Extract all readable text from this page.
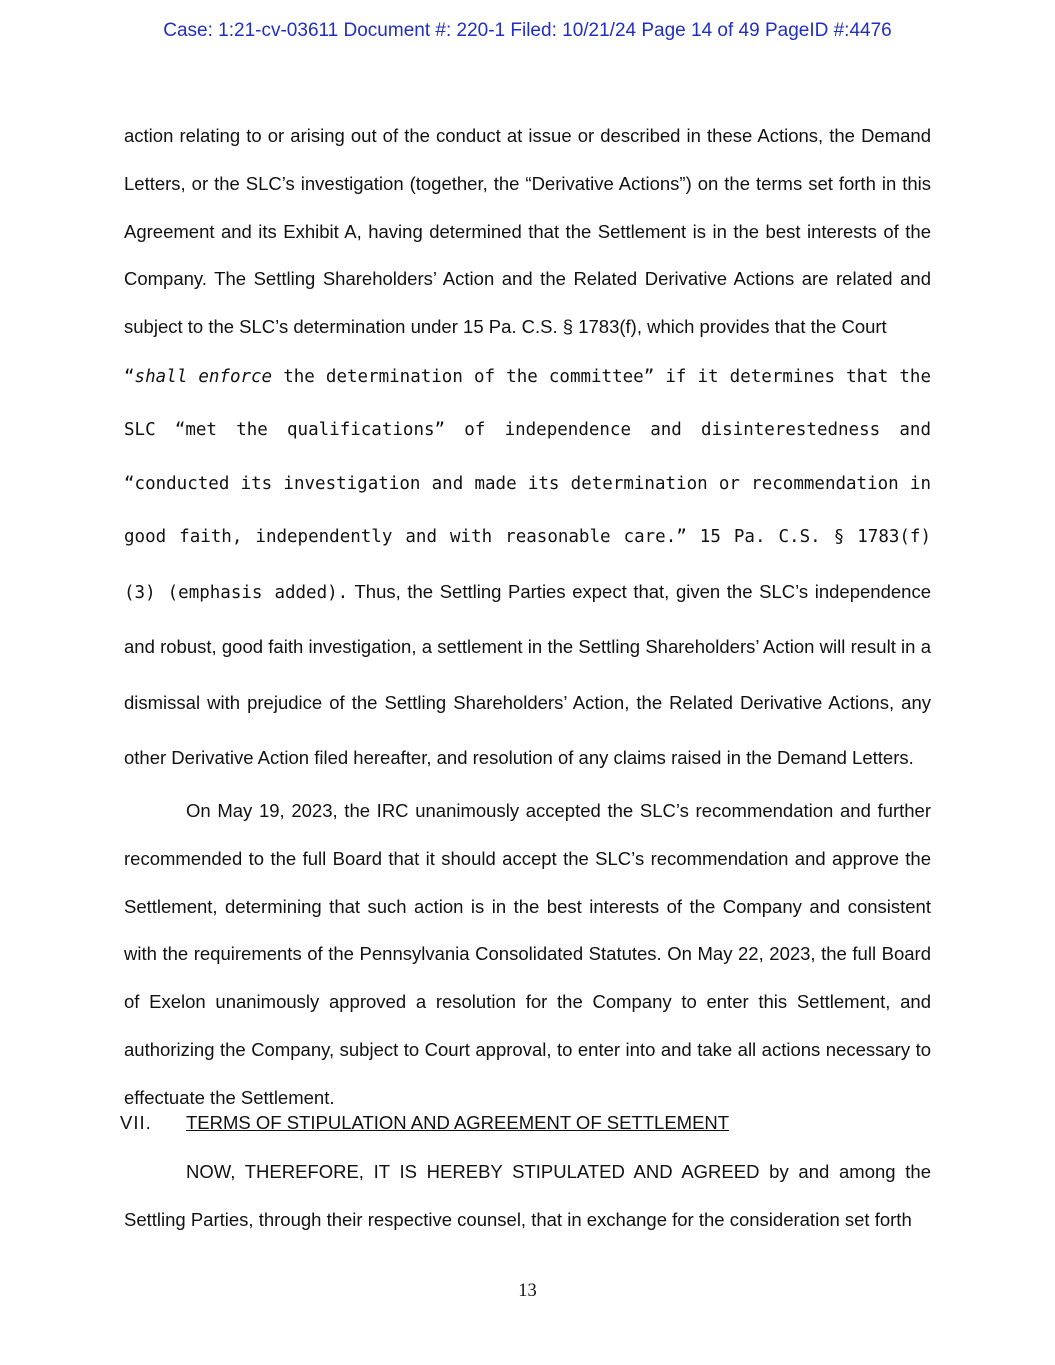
Case: 1:21-cv-03611 Document #: 220-1 Filed: 10/21/24 Page 14 of 49 PageID #:4476

action relating to or arising out of the conduct at issue or described in these Actions, the Demand Letters, or the SLC’s investigation (together, the “Derivative Actions”) on the terms set forth in this Agreement and its Exhibit A, having determined that the Settlement is in the best interests of the Company. The Settling Shareholders’ Action and the Related Derivative Actions are related and subject to the SLC’s determination under 15 Pa. C.S. § 1783(f), which provides that the Court

“shall enforce the determination of the committee” if it determines that the SLC “met the qualifications” of independence and disinterestedness and “conducted its investigation and made its determination or recommendation in good faith, independently and with reasonable care.” 15 Pa. C.S. § 1783(f)(3) (emphasis added). Thus, the Settling Parties expect that, given the SLC’s independence and robust, good faith investigation, a settlement in the Settling Shareholders’ Action will result in a dismissal with prejudice of the Settling Shareholders’ Action, the Related Derivative Actions, any other Derivative Action filed hereafter, and resolution of any claims raised in the Demand Letters.

On May 19, 2023, the IRC unanimously accepted the SLC’s recommendation and further recommended to the full Board that it should accept the SLC’s recommendation and approve the Settlement, determining that such action is in the best interests of the Company and consistent with the requirements of the Pennsylvania Consolidated Statutes. On May 22, 2023, the full Board of Exelon unanimously approved a resolution for the Company to enter this Settlement, and authorizing the Company, subject to Court approval, to enter into and take all actions necessary to effectuate the Settlement.

VII.	TERMS OF STIPULATION AND AGREEMENT OF SETTLEMENT

NOW, THEREFORE, IT IS HEREBY STIPULATED AND AGREED by and among the Settling Parties, through their respective counsel, that in exchange for the consideration set forth

13
